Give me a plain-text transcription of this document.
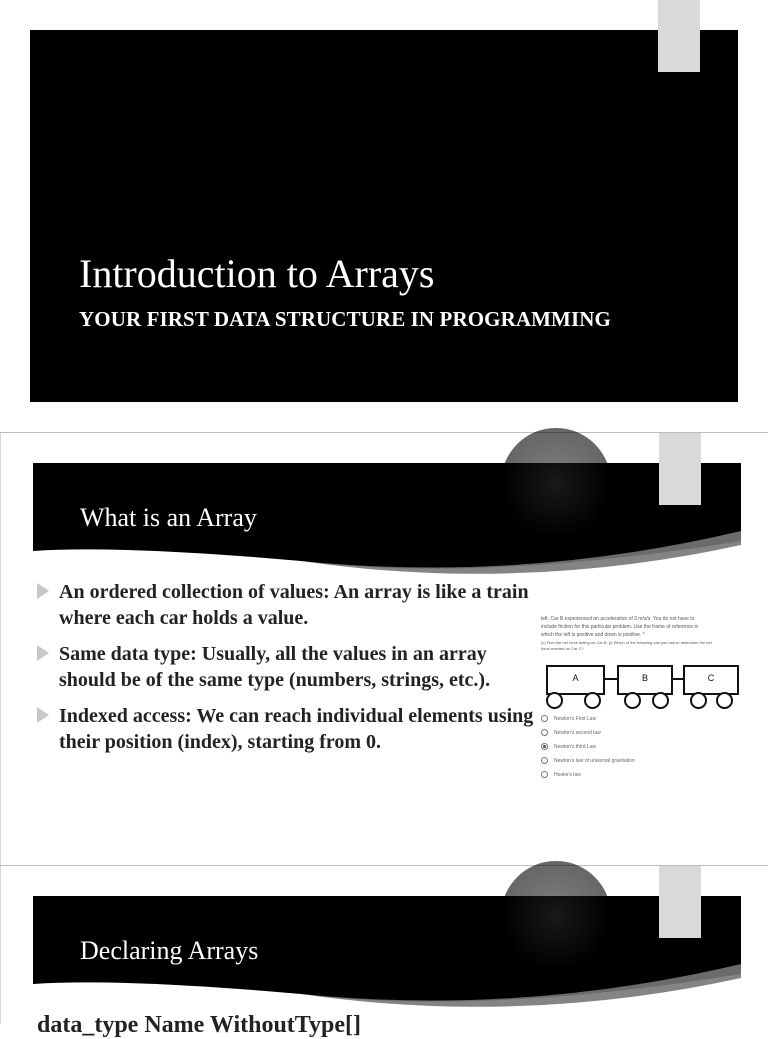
Introduction to Arrays
YOUR FIRST DATA STRUCTURE IN PROGRAMMING
What is an Array
An ordered collection of values: An array is like a train where each car holds a value.
Same data type: Usually, all the values in an array should be of the same type (numbers, strings, etc.).
Indexed access: We can reach individual elements using their position (index), starting from 0.
left. Car B experienced an acceleration of 3 m/s/s. You do not have to
include friction for this particular problem. Use the frame of reference in
which the left is positive and down is positive. *
(c) Find the net force acting on Car B. (i) Which of the following can you use to determine the net
force exerted on Car C?
A	B	C
Newton's First Law
Newton's second law
Newton's third Law
Newton's law of universal gravitation
Hooke's law
Declaring Arrays
data_type Name WithoutType[]
